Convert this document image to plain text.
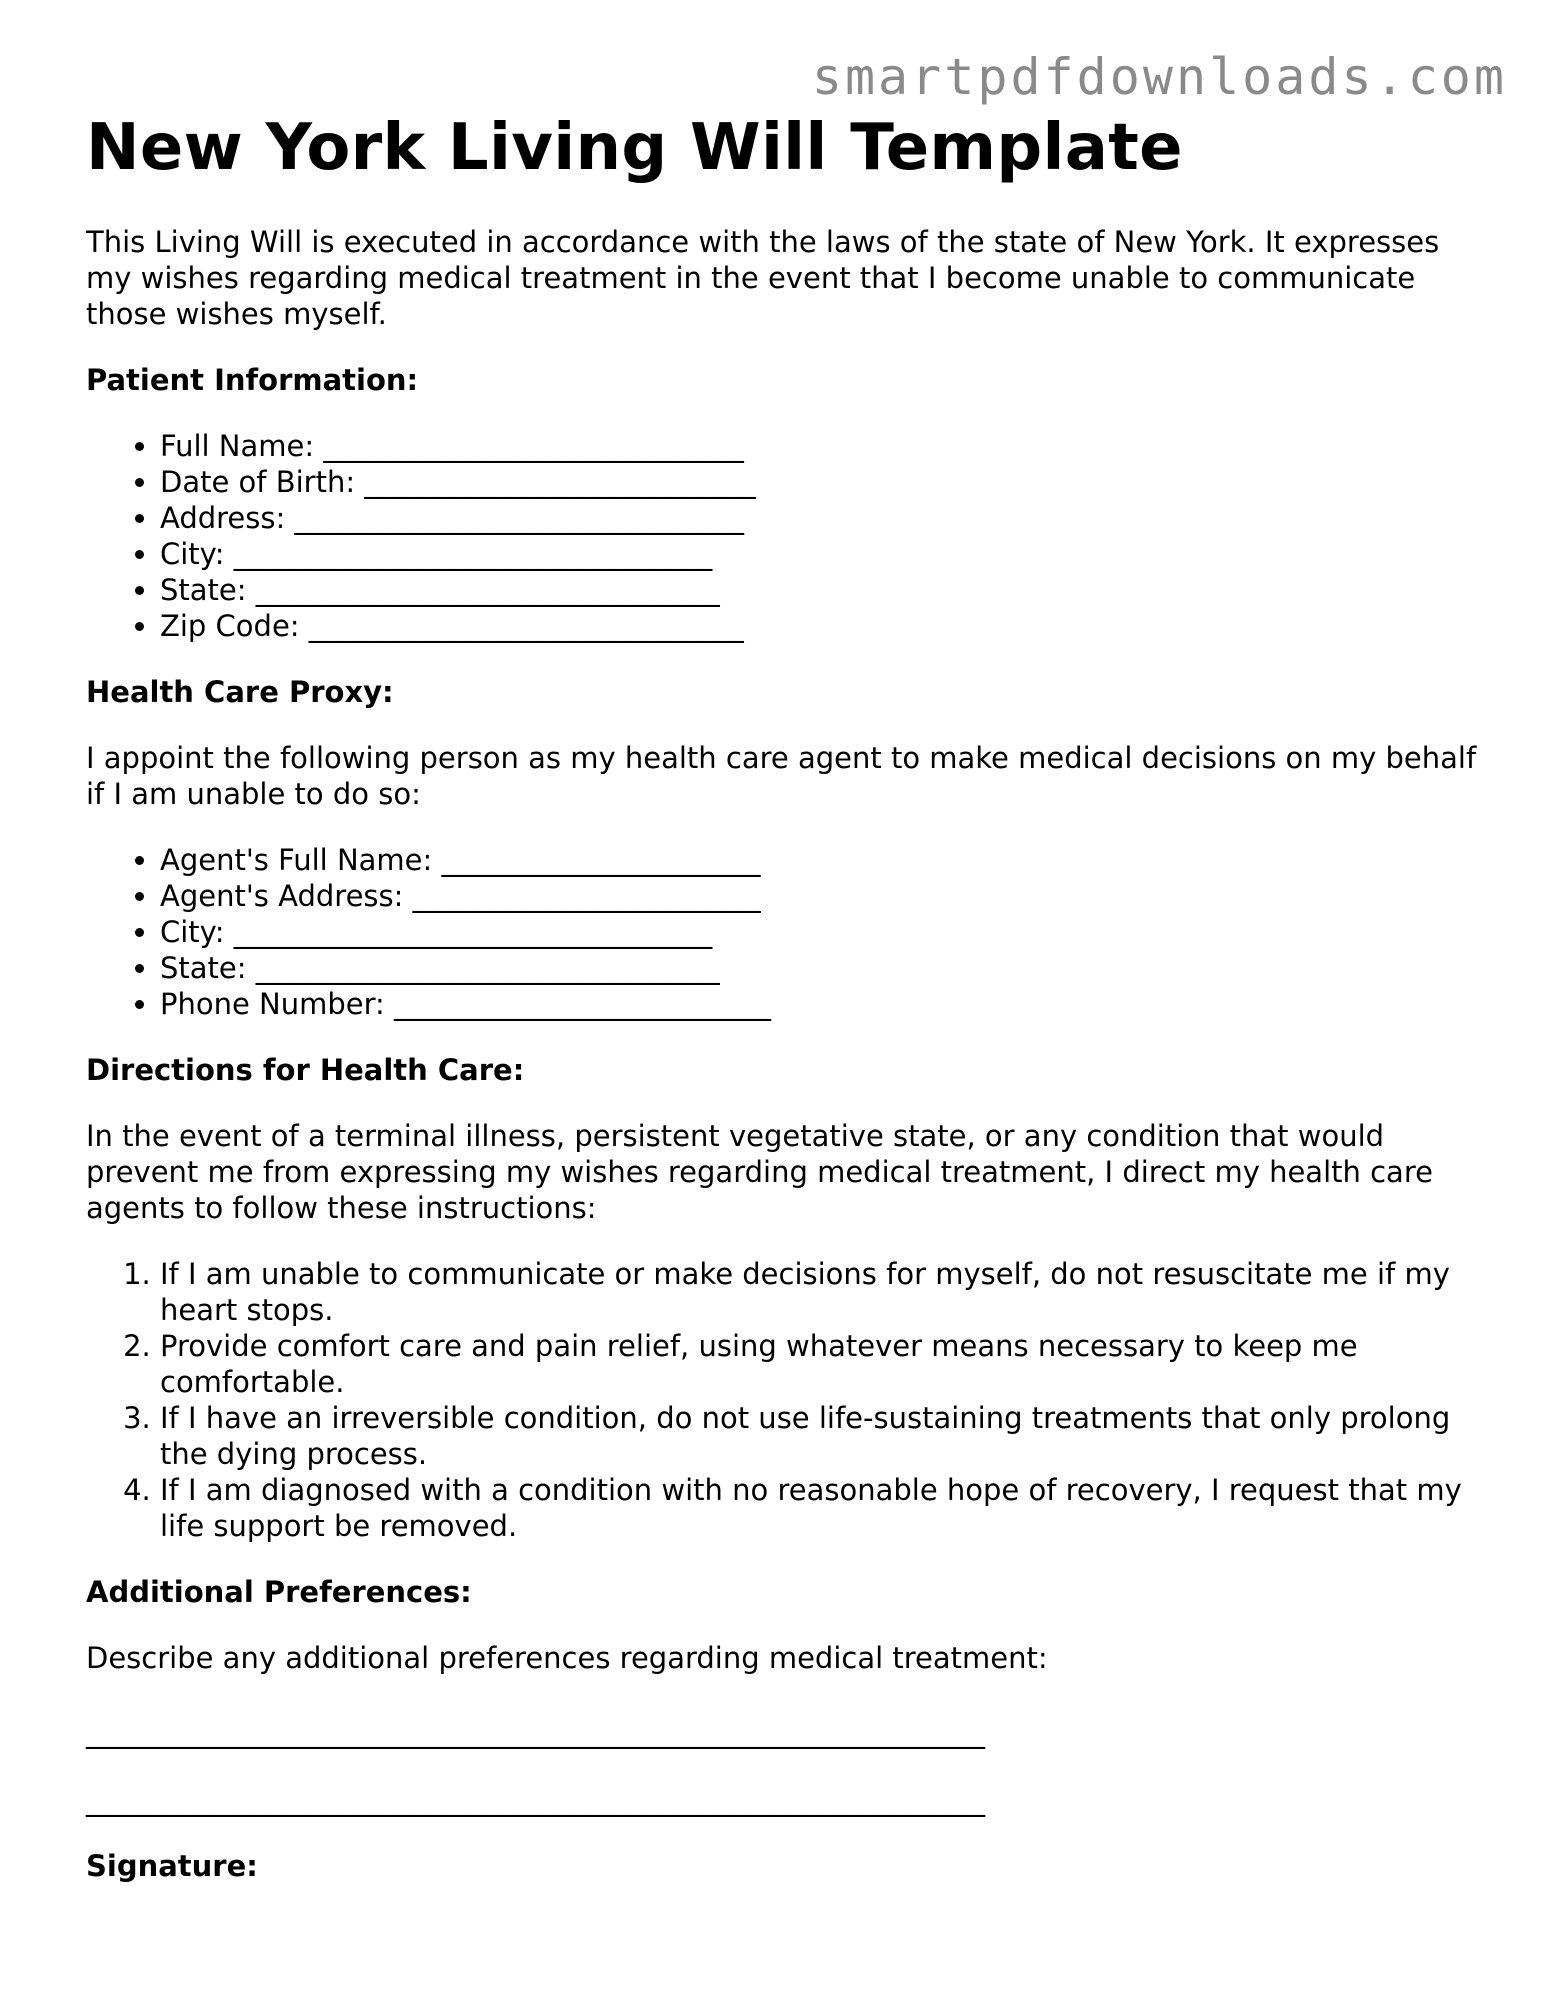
smartpdfdownloads.com
New York Living Will Template

This Living Will is executed in accordance with the laws of the state of New York. It expresses my wishes regarding medical treatment in the event that I become unable to communicate those wishes myself.

Patient Information:
• Full Name: _____________________________
• Date of Birth: ___________________________
• Address: _______________________________
• City: _________________________________
• State: ________________________________
• Zip Code: ______________________________
Health Care Proxy:

I appoint the following person as my health care agent to make medical decisions on my behalf if I am unable to do so:

• Agent's Full Name: ______________________
• Agent's Address: ________________________
• City: _________________________________
• State: ________________________________
• Phone Number: __________________________
Directions for Health Care:

In the event of a terminal illness, persistent vegetative state, or any condition that would prevent me from expressing my wishes regarding medical treatment, I direct my health care agents to follow these instructions:

1. If I am unable to communicate or make decisions for myself, do not resuscitate me if my heart stops.
2. Provide comfort care and pain relief, using whatever means necessary to keep me comfortable.
3. If I have an irreversible condition, do not use life-sustaining treatments that only prolong the dying process.
4. If I am diagnosed with a condition with no reasonable hope of recovery, I request that my life support be removed.
Additional Preferences:

Describe any additional preferences regarding medical treatment:

______________________________________________________________
______________________________________________________________
Signature:
